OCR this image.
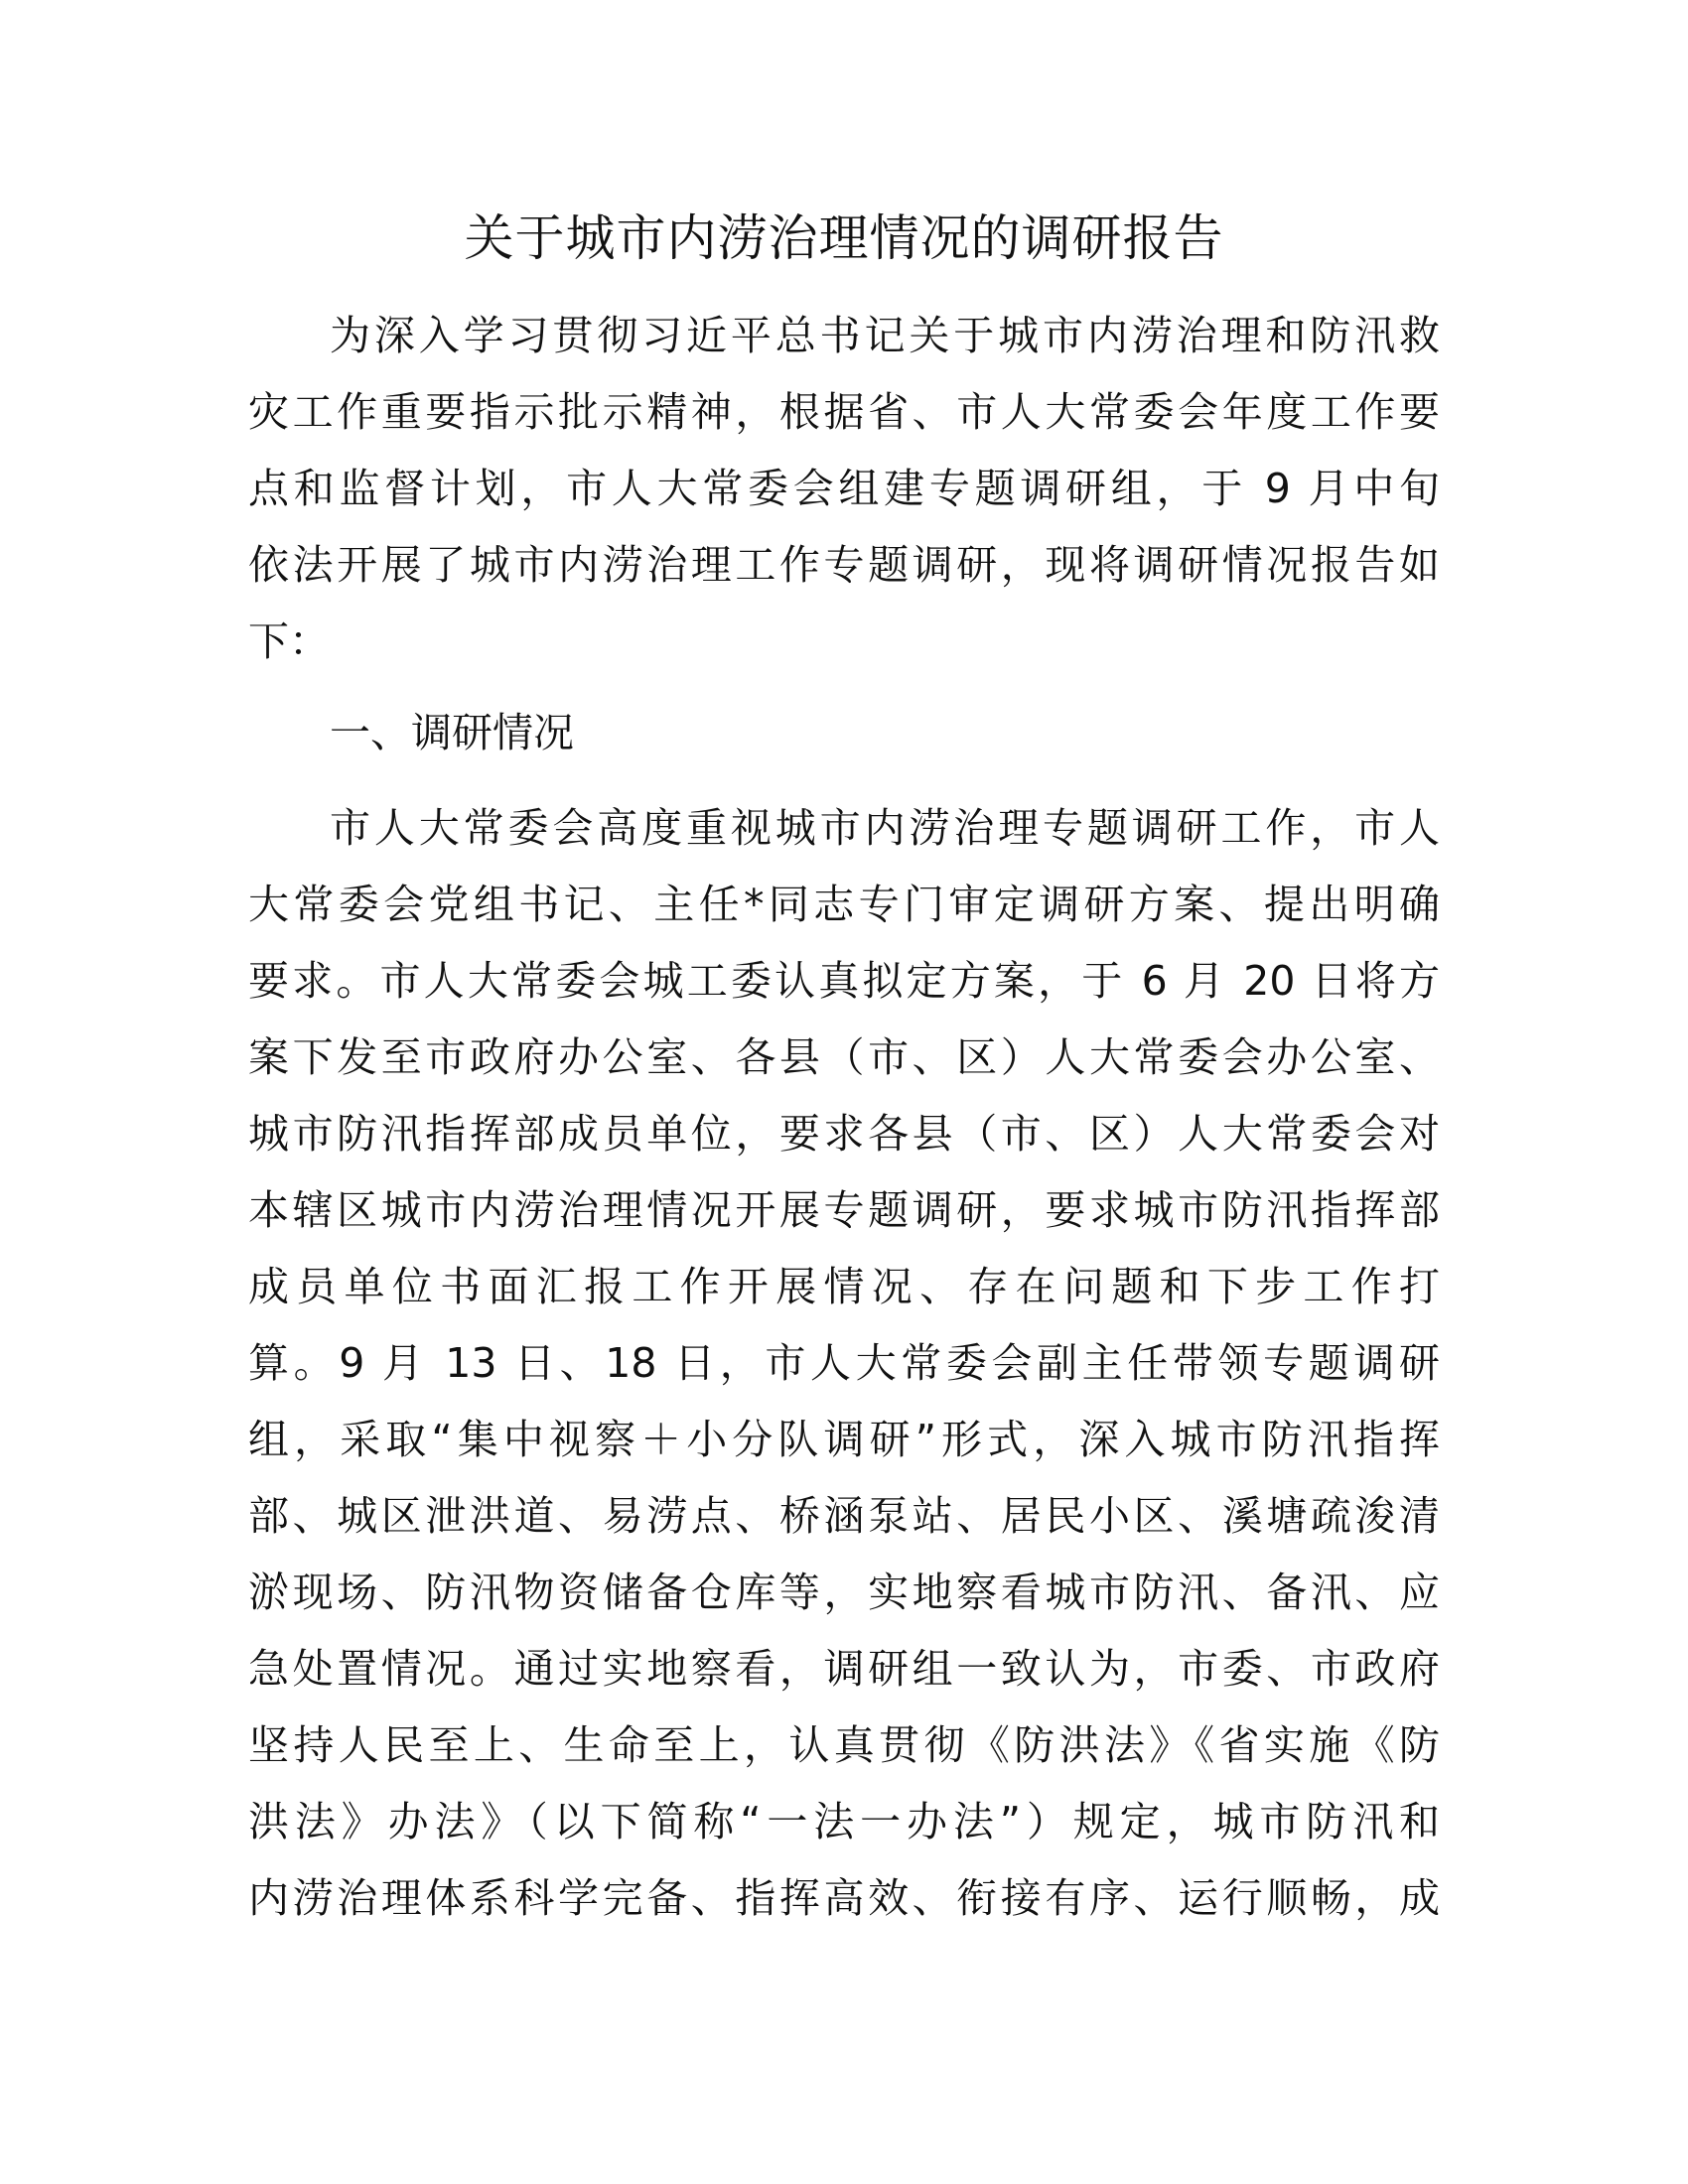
关于城市内涝治理情况的调研报告

为深入学习贯彻习近平总书记关于城市内涝治理和防汛救

灾工作重要指示批示精神，根据省、市人大常委会年度工作要

点和监督计划，市人大常委会组建专题调研组，于 9 月中旬

依法开展了城市内涝治理工作专题调研，现将调研情况报告如

下：

一、调研情况

市人大常委会高度重视城市内涝治理专题调研工作，市人

大常委会党组书记、主任*同志专门审定调研方案、提出明确

要求。市人大常委会城工委认真拟定方案，于 6 月 20 日将方

案下发至市政府办公室、各县（市、区）人大常委会办公室、

城市防汛指挥部成员单位，要求各县（市、区）人大常委会对

本辖区城市内涝治理情况开展专题调研，要求城市防汛指挥部

成员单位书面汇报工作开展情况、存在问题和下步工作打

算。9 月 13 日、18 日，市人大常委会副主任带领专题调研

组，采取“集中视察＋小分队调研”形式，深入城市防汛指挥

部、城区泄洪道、易涝点、桥涵泵站、居民小区、溪塘疏浚清

淤现场、防汛物资储备仓库等，实地察看城市防汛、备汛、应

急处置情况。通过实地察看，调研组一致认为，市委、市政府

坚持人民至上、生命至上，认真贯彻《防洪法》《省实施《防

洪法》办法》（以下简称“一法一办法”）规定，城市防汛和

内涝治理体系科学完备、指挥高效、衔接有序、运行顺畅，成
